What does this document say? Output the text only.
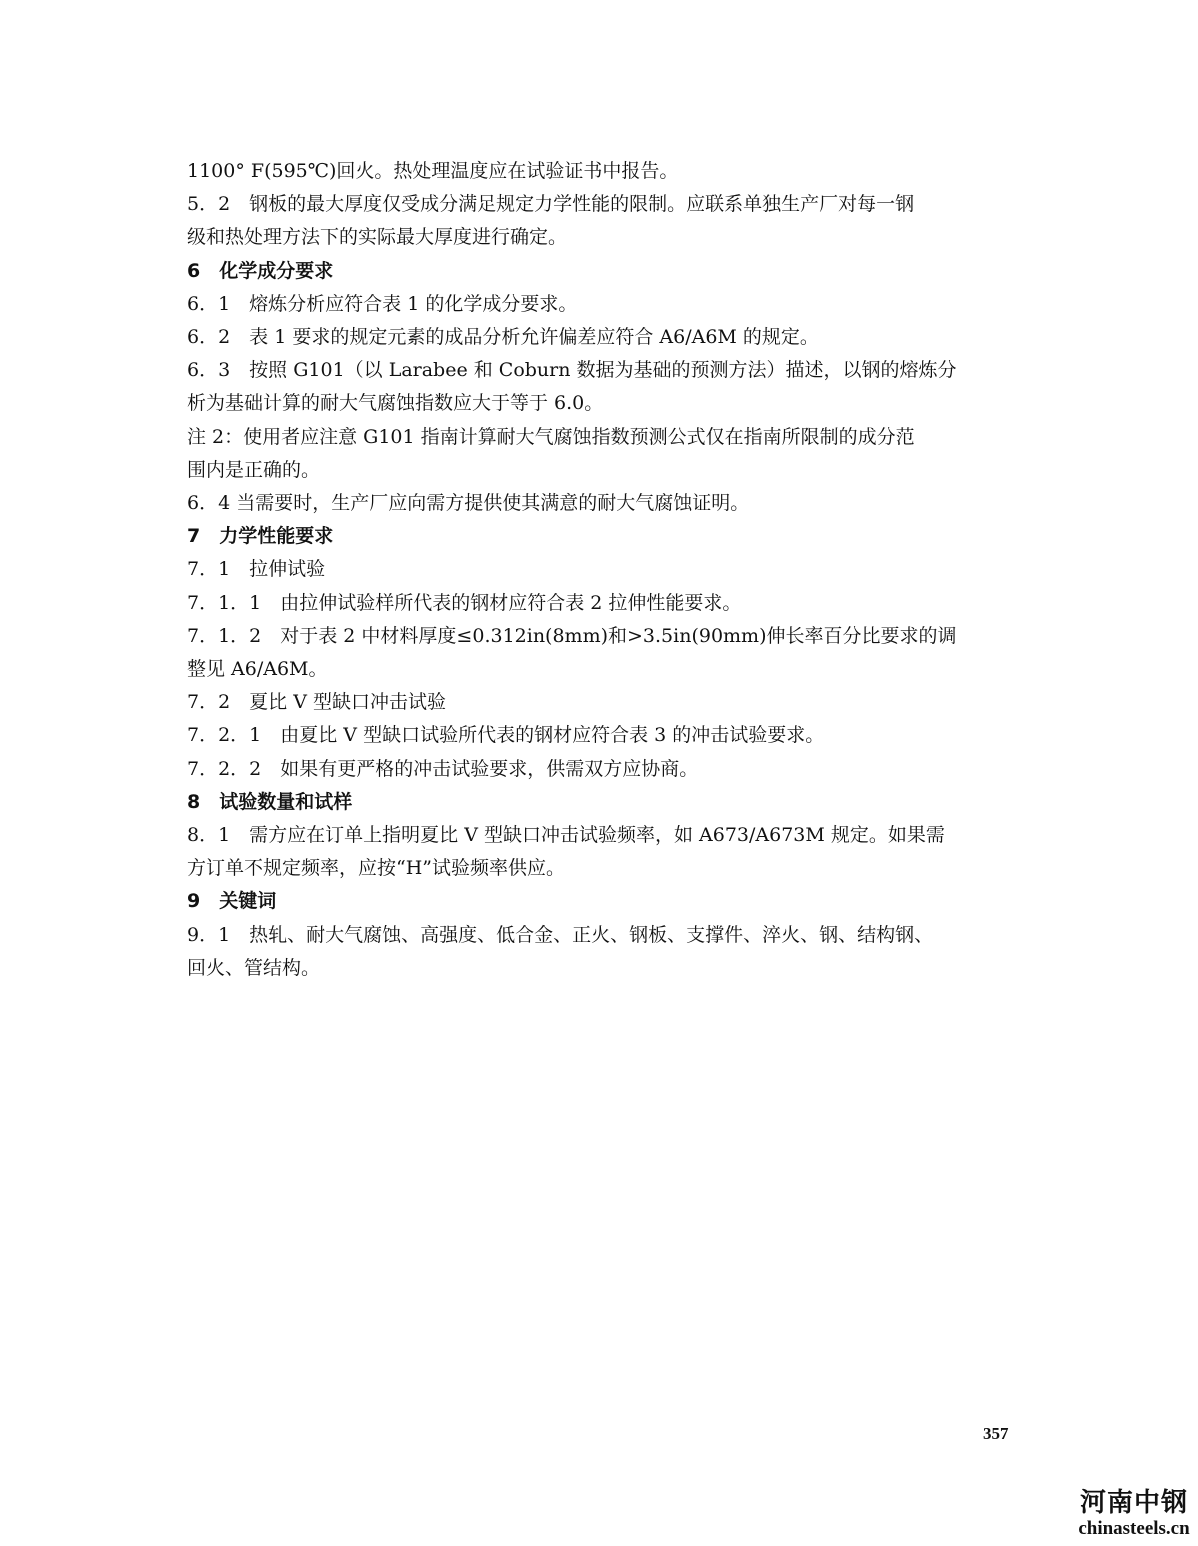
1100° F(595℃)回火。热处理温度应在试验证书中报告。
5．2　钢板的最大厚度仅受成分满足规定力学性能的限制。应联系单独生产厂对每一钢
级和热处理方法下的实际最大厚度进行确定。
6　化学成分要求
6．1　熔炼分析应符合表 1 的化学成分要求。
6．2　表 1 要求的规定元素的成品分析允许偏差应符合 A6/A6M 的规定。
6．3　按照 G101（以 Larabee 和 Coburn 数据为基础的预测方法）描述，以钢的熔炼分
析为基础计算的耐大气腐蚀指数应大于等于 6.0。
注 2：使用者应注意 G101 指南计算耐大气腐蚀指数预测公式仅在指南所限制的成分范
围内是正确的。
6．4 当需要时，生产厂应向需方提供使其满意的耐大气腐蚀证明。
7　力学性能要求
7．1　拉伸试验
7．1．1　由拉伸试验样所代表的钢材应符合表 2 拉伸性能要求。
7．1．2　对于表 2 中材料厚度≤0.312in(8mm)和>3.5in(90mm)伸长率百分比要求的调
整见 A6/A6M。
7．2　夏比 V 型缺口冲击试验
7．2．1　由夏比 V 型缺口试验所代表的钢材应符合表 3 的冲击试验要求。
7．2．2　如果有更严格的冲击试验要求，供需双方应协商。
8　试验数量和试样
8．1　需方应在订单上指明夏比 V 型缺口冲击试验频率，如 A673/A673M 规定。如果需
方订单不规定频率，应按“H”试验频率供应。
9　关键词
9．1　热轧、耐大气腐蚀、高强度、低合金、正火、钢板、支撑件、淬火、钢、结构钢、
回火、管结构。
357
河南中钢
chinasteels.cn
